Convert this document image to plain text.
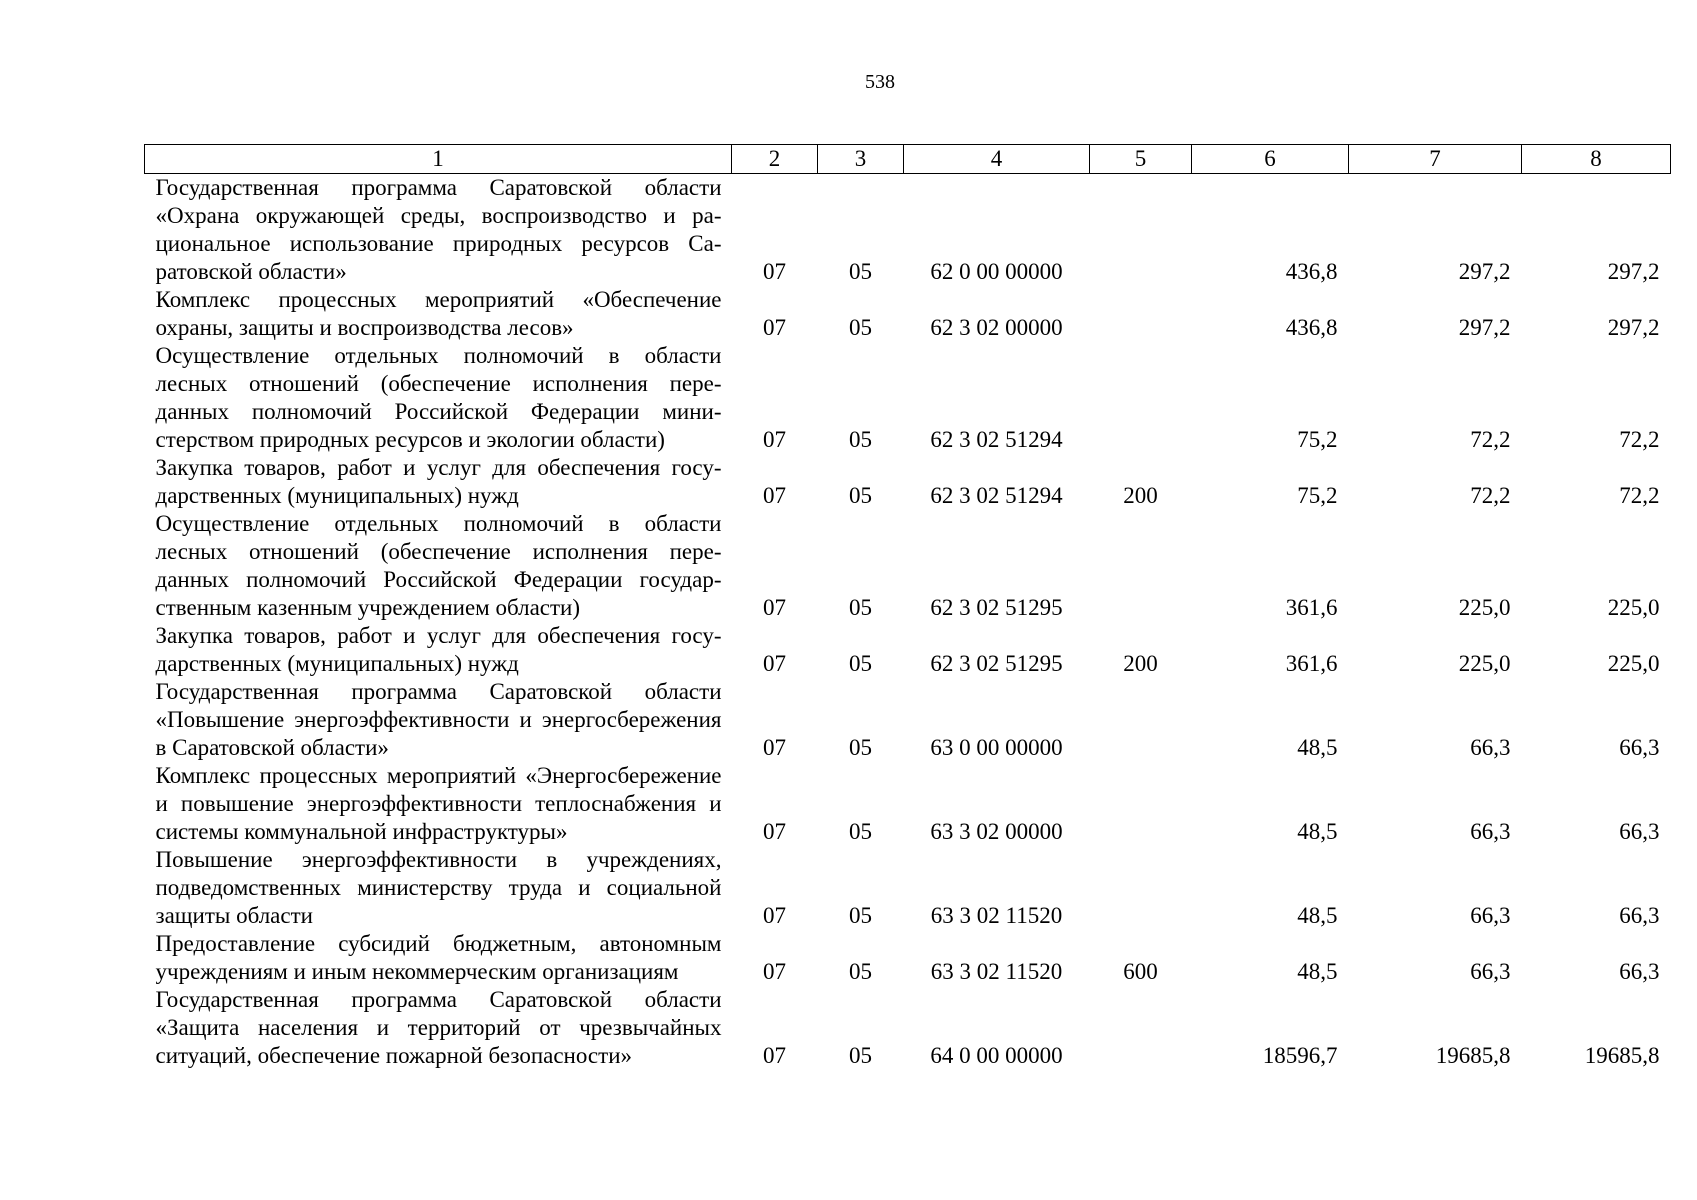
538
1	2	3	4	5	6	7	8
Государственная программа Саратовской области «Охрана окружающей среды, воспроизводство и рациональное использование природных ресурсов Саратовской области»	07	05	62 0 00 00000		436,8	297,2	297,2
Комплекс процессных мероприятий «Обеспечение охраны, защиты и воспроизводства лесов»	07	05	62 3 02 00000		436,8	297,2	297,2
Осуществление отдельных полномочий в области лесных отношений (обеспечение исполнения переданных полномочий Российской Федерации министерством природных ресурсов и экологии области)	07	05	62 3 02 51294		75,2	72,2	72,2
Закупка товаров, работ и услуг для обеспечения государственных (муниципальных) нужд	07	05	62 3 02 51294	200	75,2	72,2	72,2
Осуществление отдельных полномочий в области лесных отношений (обеспечение исполнения переданных полномочий Российской Федерации государственным казенным учреждением области)	07	05	62 3 02 51295		361,6	225,0	225,0
Закупка товаров, работ и услуг для обеспечения государственных (муниципальных) нужд	07	05	62 3 02 51295	200	361,6	225,0	225,0
Государственная программа Саратовской области «Повышение энергоэффективности и энергосбережения в Саратовской области»	07	05	63 0 00 00000		48,5	66,3	66,3
Комплекс процессных мероприятий «Энергосбережение и повышение энергоэффективности теплоснабжения и системы коммунальной инфраструктуры»	07	05	63 3 02 00000		48,5	66,3	66,3
Повышение энергоэффективности в учреждениях, подведомственных министерству труда и социальной защиты области	07	05	63 3 02 11520		48,5	66,3	66,3
Предоставление субсидий бюджетным, автономным учреждениям и иным некоммерческим организациям	07	05	63 3 02 11520	600	48,5	66,3	66,3
Государственная программа Саратовской области «Защита населения и территорий от чрезвычайных ситуаций, обеспечение пожарной безопасности»	07	05	64 0 00 00000		18596,7	19685,8	19685,8
